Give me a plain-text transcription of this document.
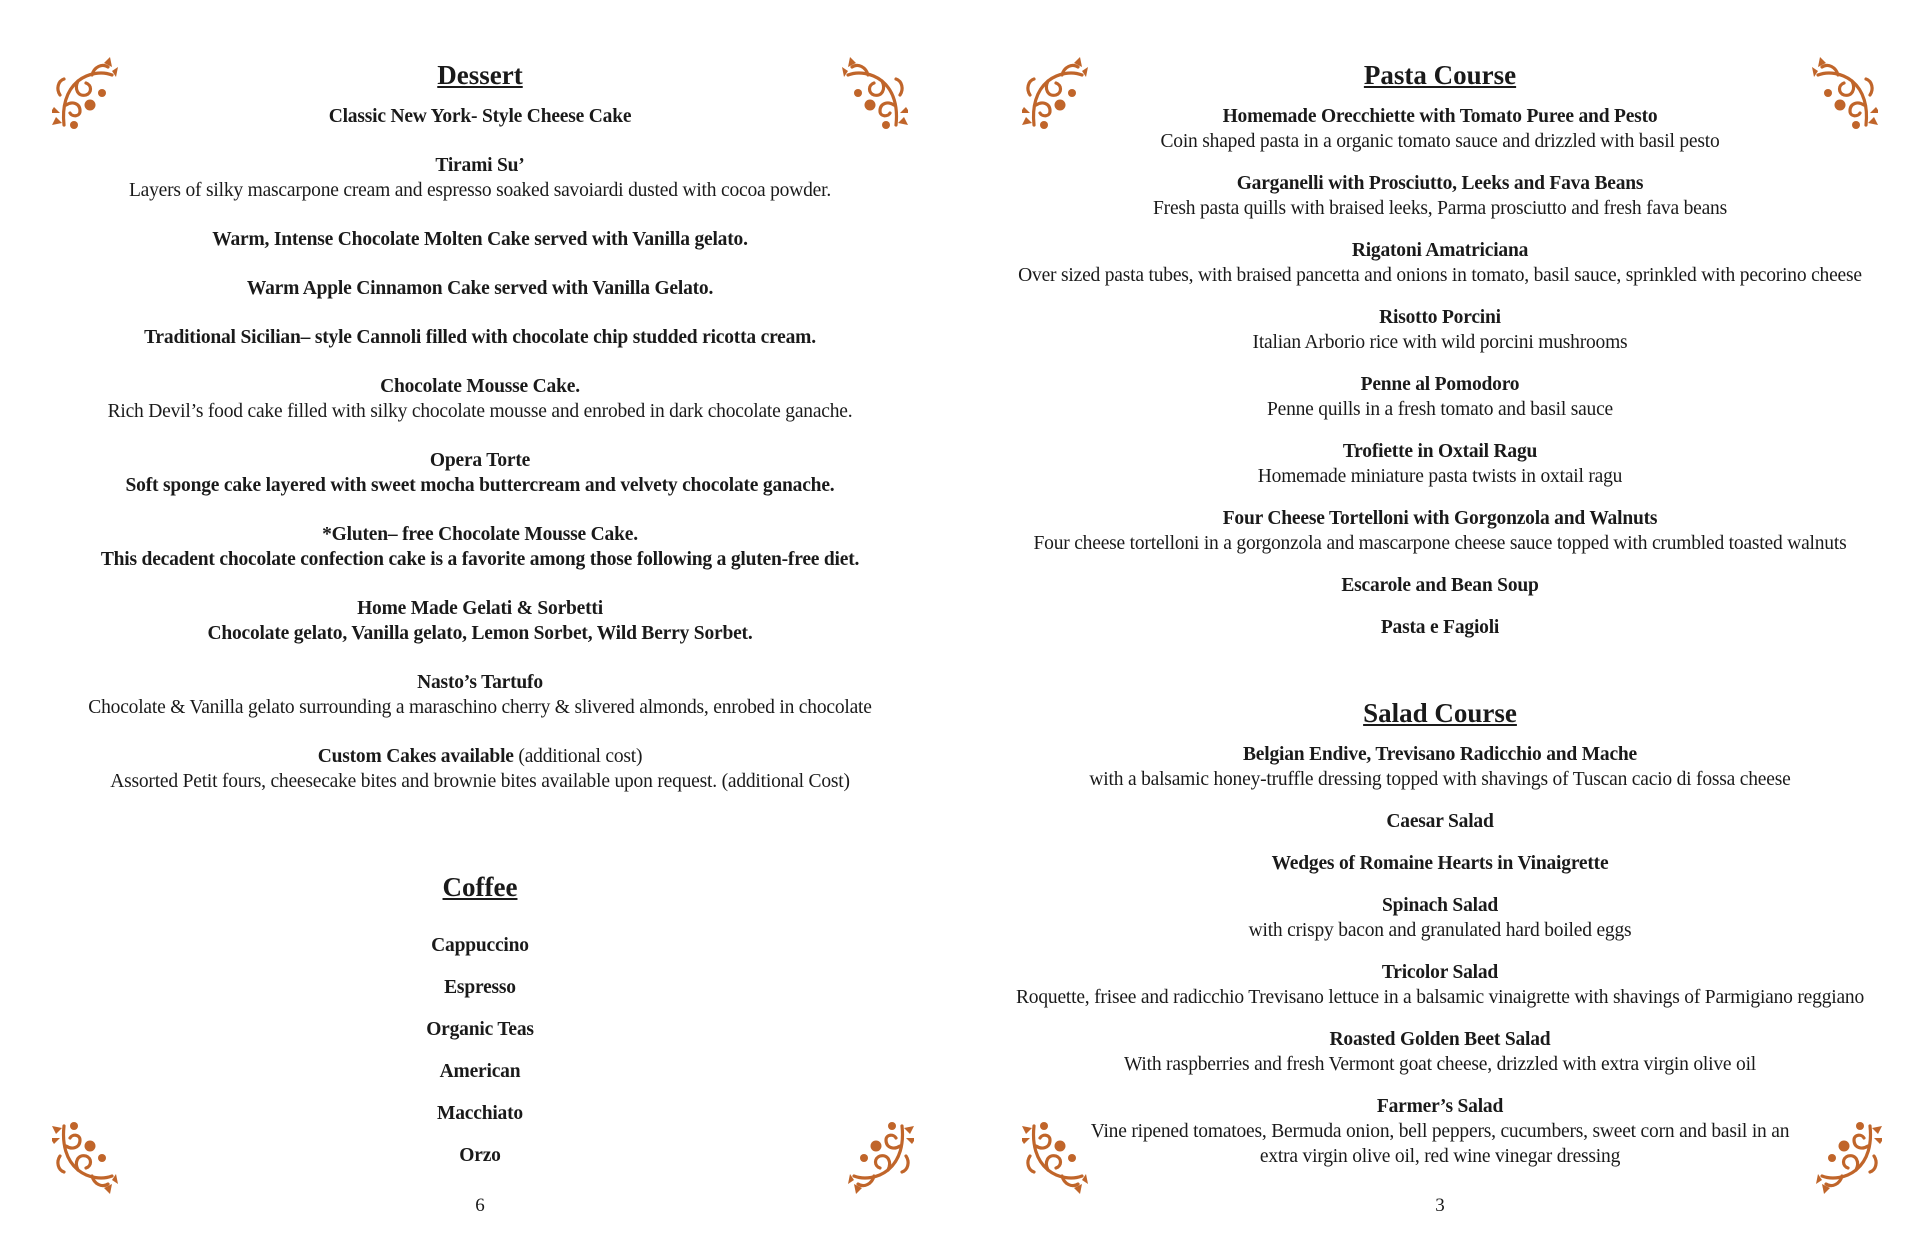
Dessert
Classic New York- Style Cheese Cake
Tirami Su’
Layers of silky mascarpone cream and espresso soaked savoiardi dusted with cocoa powder.
Warm, Intense Chocolate Molten Cake served with Vanilla gelato.
Warm Apple Cinnamon Cake served with Vanilla Gelato.
Traditional Sicilian– style Cannoli filled with chocolate chip studded ricotta cream.
Chocolate Mousse Cake.
Rich Devil’s food cake filled with silky chocolate mousse and enrobed in dark chocolate ganache.
Opera Torte
Soft sponge cake layered with sweet mocha buttercream and velvety chocolate ganache.
*Gluten– free Chocolate Mousse Cake.
This decadent chocolate confection cake is a favorite among those following a gluten-free diet.
Home Made Gelati & Sorbetti
Chocolate gelato, Vanilla gelato, Lemon Sorbet, Wild Berry Sorbet.
Nasto’s Tartufo
Chocolate & Vanilla gelato surrounding a maraschino cherry & slivered almonds, enrobed in chocolate
Custom Cakes available (additional cost)
Assorted Petit fours, cheesecake bites and brownie bites available upon request. (additional Cost)
Coffee
Cappuccino
Espresso
Organic Teas
American
Macchiato
Orzo
6
Pasta Course
Homemade Orecchiette with Tomato Puree and Pesto
Coin shaped pasta in a organic tomato sauce and drizzled with basil pesto
Garganelli with Prosciutto, Leeks and Fava Beans
Fresh pasta quills with braised leeks, Parma prosciutto and fresh fava beans
Rigatoni Amatriciana
Over sized pasta tubes, with braised pancetta and onions in tomato, basil sauce, sprinkled with pecorino cheese
Risotto Porcini
Italian Arborio rice with wild porcini mushrooms
Penne al Pomodoro
Penne quills in a fresh tomato and basil sauce
Trofiette in Oxtail Ragu
Homemade miniature pasta twists in oxtail ragu
Four Cheese Tortelloni with Gorgonzola and Walnuts
Four cheese tortelloni in a gorgonzola and mascarpone cheese sauce topped with crumbled toasted walnuts
Escarole and Bean Soup
Pasta e Fagioli
Salad Course
Belgian Endive, Trevisano Radicchio and Mache
with a balsamic honey-truffle dressing topped with shavings of Tuscan cacio di fossa cheese
Caesar Salad
Wedges of Romaine Hearts in Vinaigrette
Spinach Salad
with crispy bacon and granulated hard boiled eggs
Tricolor Salad
Roquette, frisee and radicchio Trevisano lettuce in a balsamic vinaigrette with shavings of Parmigiano reggiano
Roasted Golden Beet Salad
With raspberries and fresh Vermont goat cheese, drizzled with extra virgin olive oil
Farmer’s Salad
Vine ripened tomatoes, Bermuda onion, bell peppers, cucumbers, sweet corn and basil in an
extra virgin olive oil, red wine vinegar dressing
3
